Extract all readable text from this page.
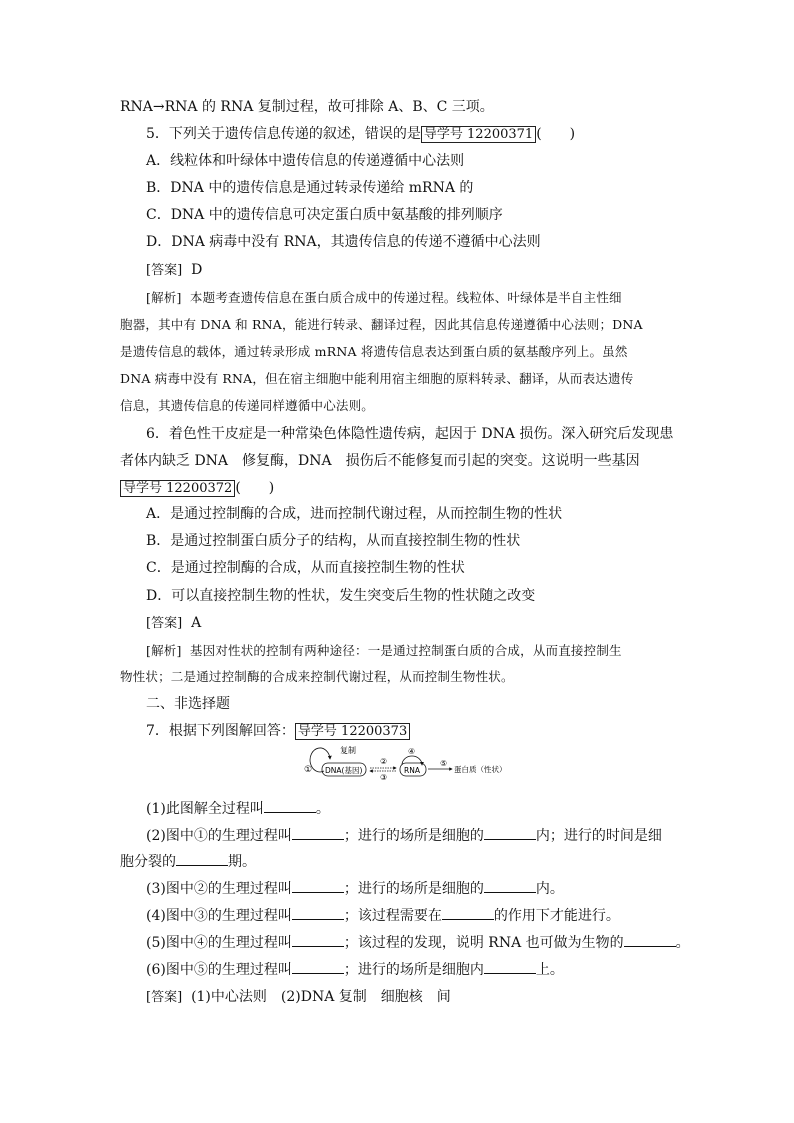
RNA→RNA 的 RNA 复制过程，故可排除 A、B、C 三项。
5．下列关于遗传信息传递的叙述，错误的是 导学号 12200371 (　　)
A．线粒体和叶绿体中遗传信息的传递遵循中心法则
B．DNA 中的遗传信息是通过转录传递给 mRNA 的
C．DNA 中的遗传信息可决定蛋白质中氨基酸的排列顺序
D．DNA 病毒中没有 RNA，其遗传信息的传递不遵循中心法则
[答案] D
[解析] 本题考查遗传信息在蛋白质合成中的传递过程。线粒体、叶绿体是半自主性细
胞器，其中有 DNA 和 RNA，能进行转录、翻译过程，因此其信息传递遵循中心法则；DNA
是遗传信息的载体，通过转录形成 mRNA 将遗传信息表达到蛋白质的氨基酸序列上。虽然
DNA 病毒中没有 RNA，但在宿主细胞中能利用宿主细胞的原料转录、翻译，从而表达遗传
信息，其遗传信息的传递同样遵循中心法则。
6．着色性干皮症是一种常染色体隐性遗传病，起因于 DNA 损伤。深入研究后发现患
者体内缺乏 DNA　修复酶，DNA　损伤后不能修复而引起的突变。这说明一些基因
导学号 12200372 (　　)
A．是通过控制酶的合成，进而控制代谢过程，从而控制生物的性状
B．是通过控制蛋白质分子的结构，从而直接控制生物的性状
C．是通过控制酶的合成，从而直接控制生物的性状
D．可以直接控制生物的性状，发生突变后生物的性状随之改变
[答案] A
[解析] 基因对性状的控制有两种途径：一是通过控制蛋白质的合成，从而直接控制生
物性状；二是通过控制酶的合成来控制代谢过程，从而控制生物性状。
二、非选择题
7．根据下列图解回答： 导学号 12200373
复制
① DNA(基因)
②
③
④
RNA
⑤
蛋白质（性状）
(1)此图解全过程叫	。
(2)图中①的生理过程叫	；进行的场所是细胞的	内；进行的时间是细
胞分裂的	期。
(3)图中②的生理过程叫	；进行的场所是细胞的	内。
(4)图中③的生理过程叫	；该过程需要在	的作用下才能进行。
(5)图中④的生理过程叫	；该过程的发现，说明 RNA 也可做为生物的	。
(6)图中⑤的生理过程叫	；进行的场所是细胞内	上。
[答案] (1)中心法则　(2)DNA 复制　细胞核　间
